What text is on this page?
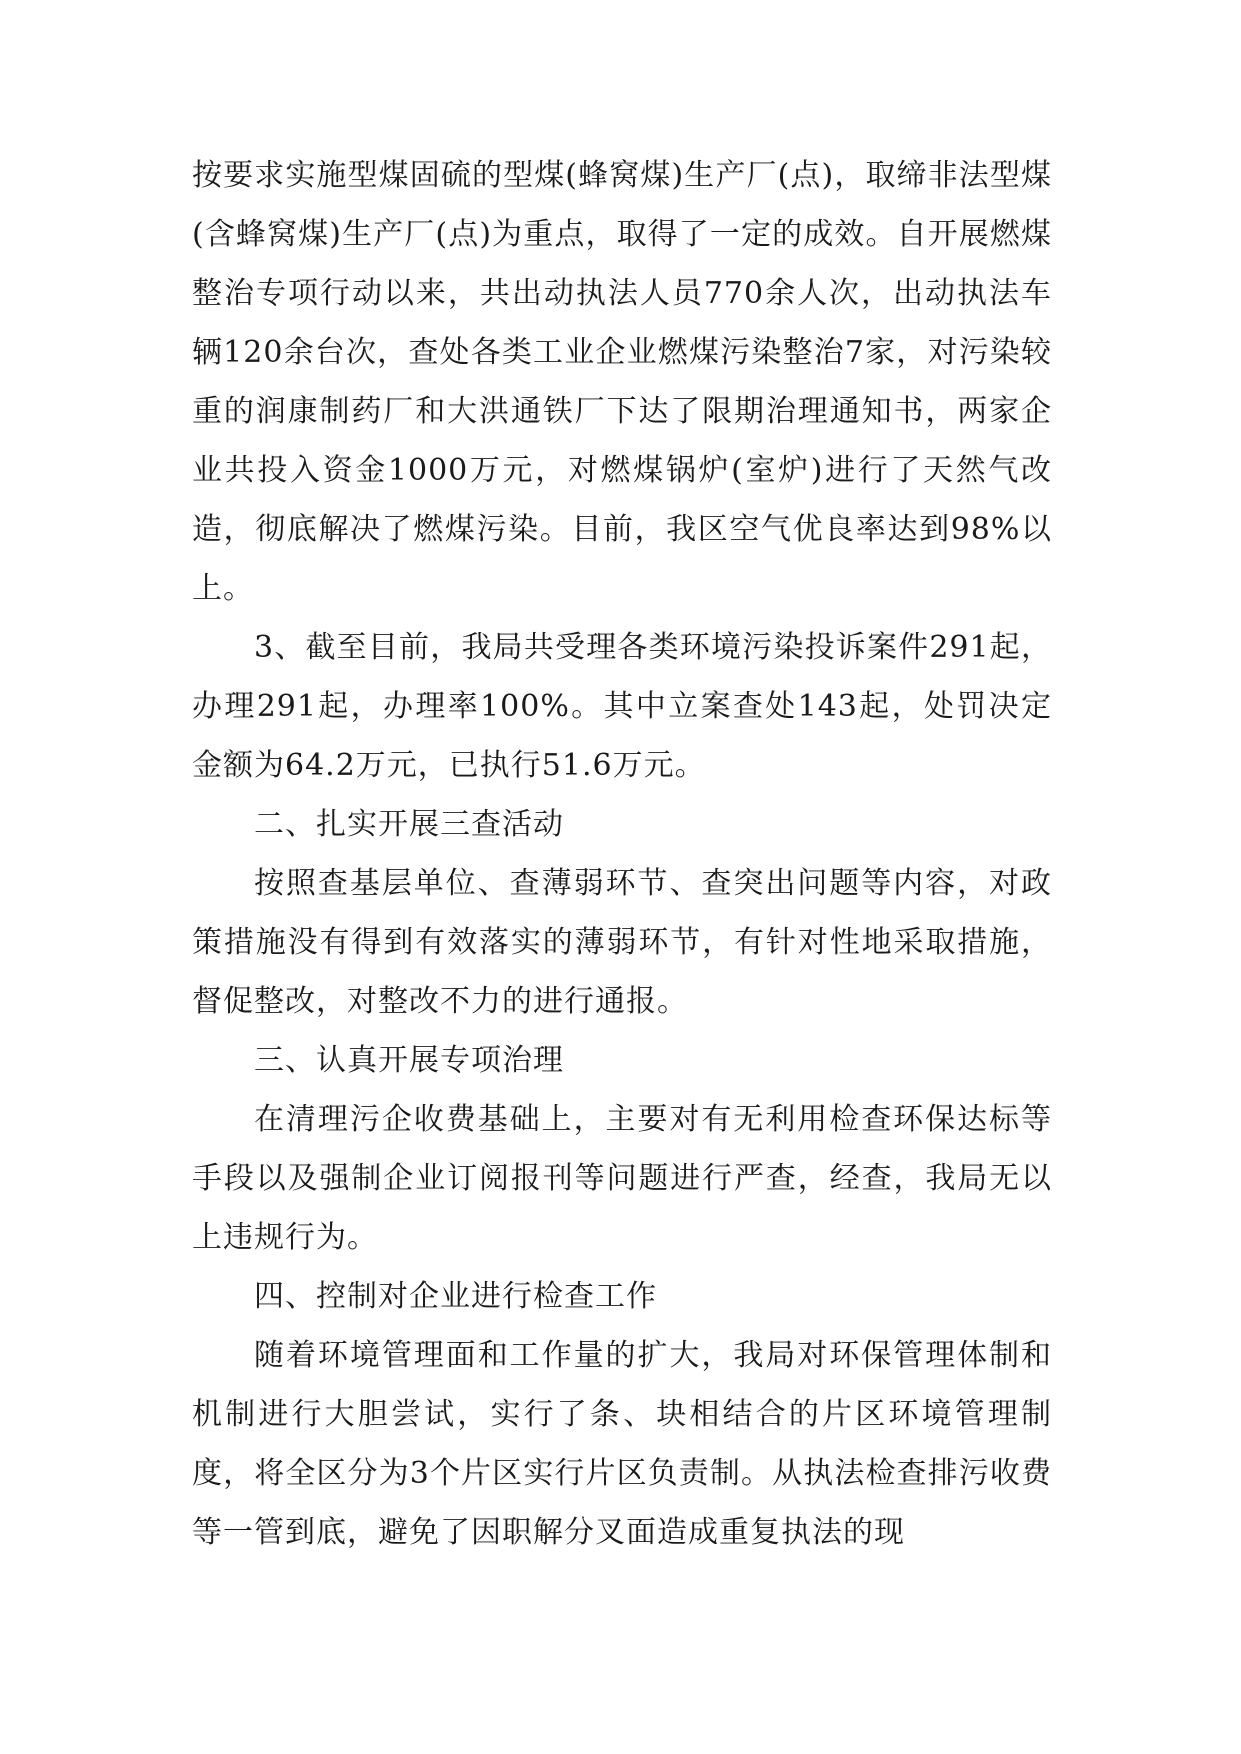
按要求实施型煤固硫的型煤(蜂窝煤)生产厂(点)，取缔非法型煤(含蜂窝煤)生产厂(点)为重点，取得了一定的成效。自开展燃煤整治专项行动以来，共出动执法人员770余人次，出动执法车辆120余台次，查处各类工业企业燃煤污染整治7家，对污染较重的润康制药厂和大洪通铁厂下达了限期治理通知书，两家企业共投入资金1000万元，对燃煤锅炉(室炉)进行了天然气改造，彻底解决了燃煤污染。目前，我区空气优良率达到98%以上。

3、截至目前，我局共受理各类环境污染投诉案件291起，办理291起，办理率100%。其中立案查处143起，处罚决定金额为64.2万元，已执行51.6万元。

二、扎实开展三查活动

按照查基层单位、查薄弱环节、查突出问题等内容，对政策措施没有得到有效落实的薄弱环节，有针对性地采取措施，督促整改，对整改不力的进行通报。

三、认真开展专项治理

在清理污企收费基础上，主要对有无利用检查环保达标等手段以及强制企业订阅报刊等问题进行严查，经查，我局无以上违规行为。

四、控制对企业进行检查工作

随着环境管理面和工作量的扩大，我局对环保管理体制和机制进行大胆尝试，实行了条、块相结合的片区环境管理制度，将全区分为3个片区实行片区负责制。从执法检查排污收费等一管到底，避免了因职解分叉面造成重复执法的现
